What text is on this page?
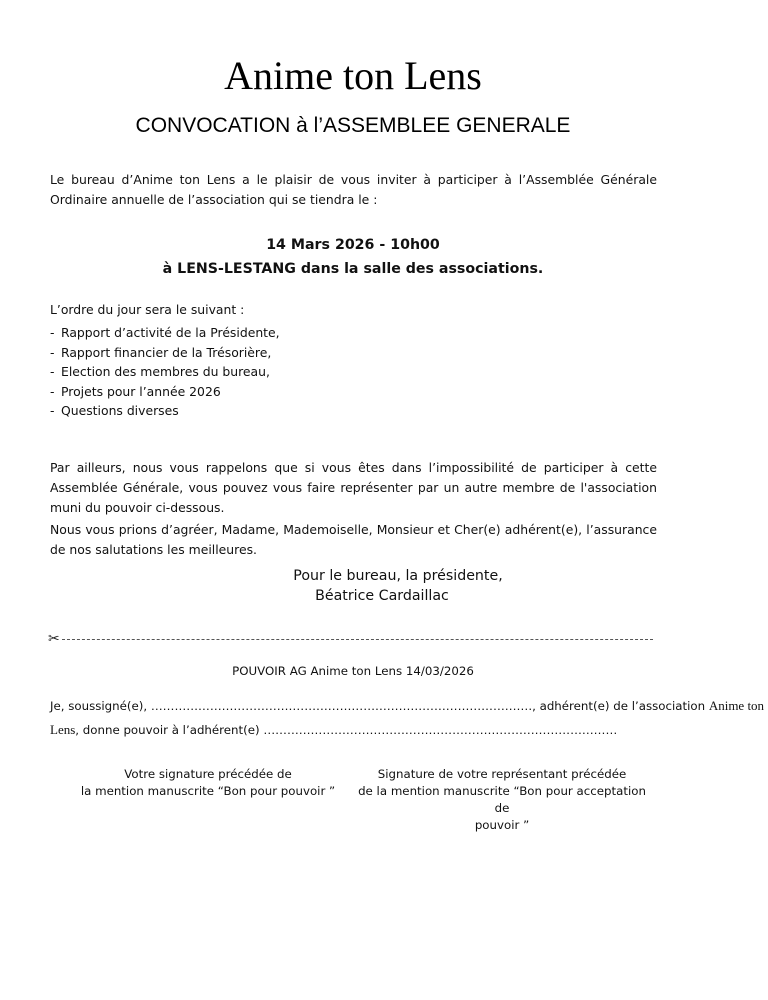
Anime ton Lens
CONVOCATION à l’ASSEMBLEE GENERALE
Le bureau d’Anime ton Lens a le plaisir de vous inviter à participer à l’Assemblée Générale Ordinaire annuelle de l’association qui se tiendra le :
14 Mars 2026 - 10h00
à LENS-LESTANG dans la salle des associations.
L’ordre du jour sera le suivant :
- Rapport d’activité de la Présidente,
- Rapport financier de la Trésorière,
- Election des membres du bureau,
- Projets pour l’année 2026
- Questions diverses
Par ailleurs, nous vous rappelons que si vous êtes dans l’impossibilité de participer à cette Assemblée Générale, vous pouvez vous faire représenter par un autre membre de l'association muni du pouvoir ci-dessous.
Nous vous prions d’agréer, Madame, Mademoiselle, Monsieur et Cher(e) adhérent(e), l’assurance de nos salutations les meilleures.
Pour le bureau, la présidente,
Béatrice Cardaillac
✂
POUVOIR AG Anime ton Lens 14/03/2026
Je, soussigné(e), ……………………………………………………………………………………., adhérent(e) de l’association Anime ton
Lens, donne pouvoir à l’adhérent(e) ………………………………………………………………………………
Votre signature précédée de
la mention manuscrite “Bon pour pouvoir ”
Signature de votre représentant précédée
de la mention manuscrite “Bon pour acceptation de
pouvoir ”
